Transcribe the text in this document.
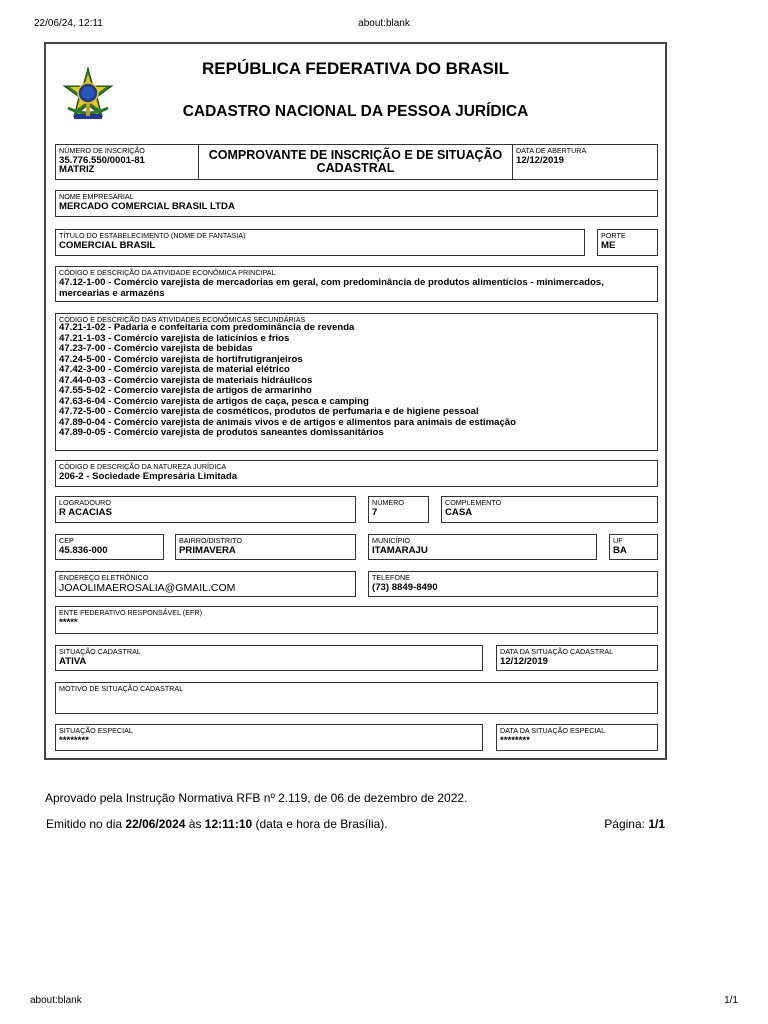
22/06/24, 12:11	about:blank
REPÚBLICA FEDERATIVA DO BRASIL
CADASTRO NACIONAL DA PESSOA JURÍDICA
NÚMERO DE INSCRIÇÃO
35.776.550/0001-81
MATRIZ
COMPROVANTE DE INSCRIÇÃO E DE SITUAÇÃO
CADASTRAL
DATA DE ABERTURA
12/12/2019
NOME EMPRESARIAL
MERCADO COMERCIAL BRASIL LTDA
TÍTULO DO ESTABELECIMENTO (NOME DE FANTASIA)
COMERCIAL BRASIL
PORTE
ME
CÓDIGO E DESCRIÇÃO DA ATIVIDADE ECONÔMICA PRINCIPAL
47.12-1-00 - Comércio varejista de mercadorias em geral, com predominância de produtos alimentícios - minimercados, mercearias e armazéns
CÓDIGO E DESCRIÇÃO DAS ATIVIDADES ECONÔMICAS SECUNDÁRIAS
47.21-1-02 - Padaria e confeitaria com predominância de revenda
47.21-1-03 - Comércio varejista de laticínios e frios
47.23-7-00 - Comércio varejista de bebidas
47.24-5-00 - Comércio varejista de hortifrutigranjeiros
47.42-3-00 - Comércio varejista de material elétrico
47.44-0-03 - Comércio varejista de materiais hidráulicos
47.55-5-02 - Comercio varejista de artigos de armarinho
47.63-6-04 - Comércio varejista de artigos de caça, pesca e camping
47.72-5-00 - Comércio varejista de cosméticos, produtos de perfumaria e de higiene pessoal
47.89-0-04 - Comércio varejista de animais vivos e de artigos e alimentos para animais de estimação
47.89-0-05 - Comércio varejista de produtos saneantes domissanitários
CÓDIGO E DESCRIÇÃO DA NATUREZA JURÍDICA
206-2 - Sociedade Empresária Limitada
LOGRADOURO
R ACACIAS
NÚMERO
7
COMPLEMENTO
CASA
CEP
45.836-000
BAIRRO/DISTRITO
PRIMAVERA
MUNICÍPIO
ITAMARAJU
UF
BA
ENDEREÇO ELETRÔNICO
JOAOLIMAEROSALIA@GMAIL.COM
TELEFONE
(73) 8849-8490
ENTE FEDERATIVO RESPONSÁVEL (EFR)
*****
SITUAÇÃO CADASTRAL
ATIVA
DATA DA SITUAÇÃO CADASTRAL
12/12/2019
MOTIVO DE SITUAÇÃO CADASTRAL
SITUAÇÃO ESPECIAL
********
DATA DA SITUAÇÃO ESPECIAL
********
Aprovado pela Instrução Normativa RFB nº 2.119, de 06 de dezembro de 2022.
Emitido no dia 22/06/2024 às 12:11:10 (data e hora de Brasília).	Página: 1/1
about:blank	1/1
